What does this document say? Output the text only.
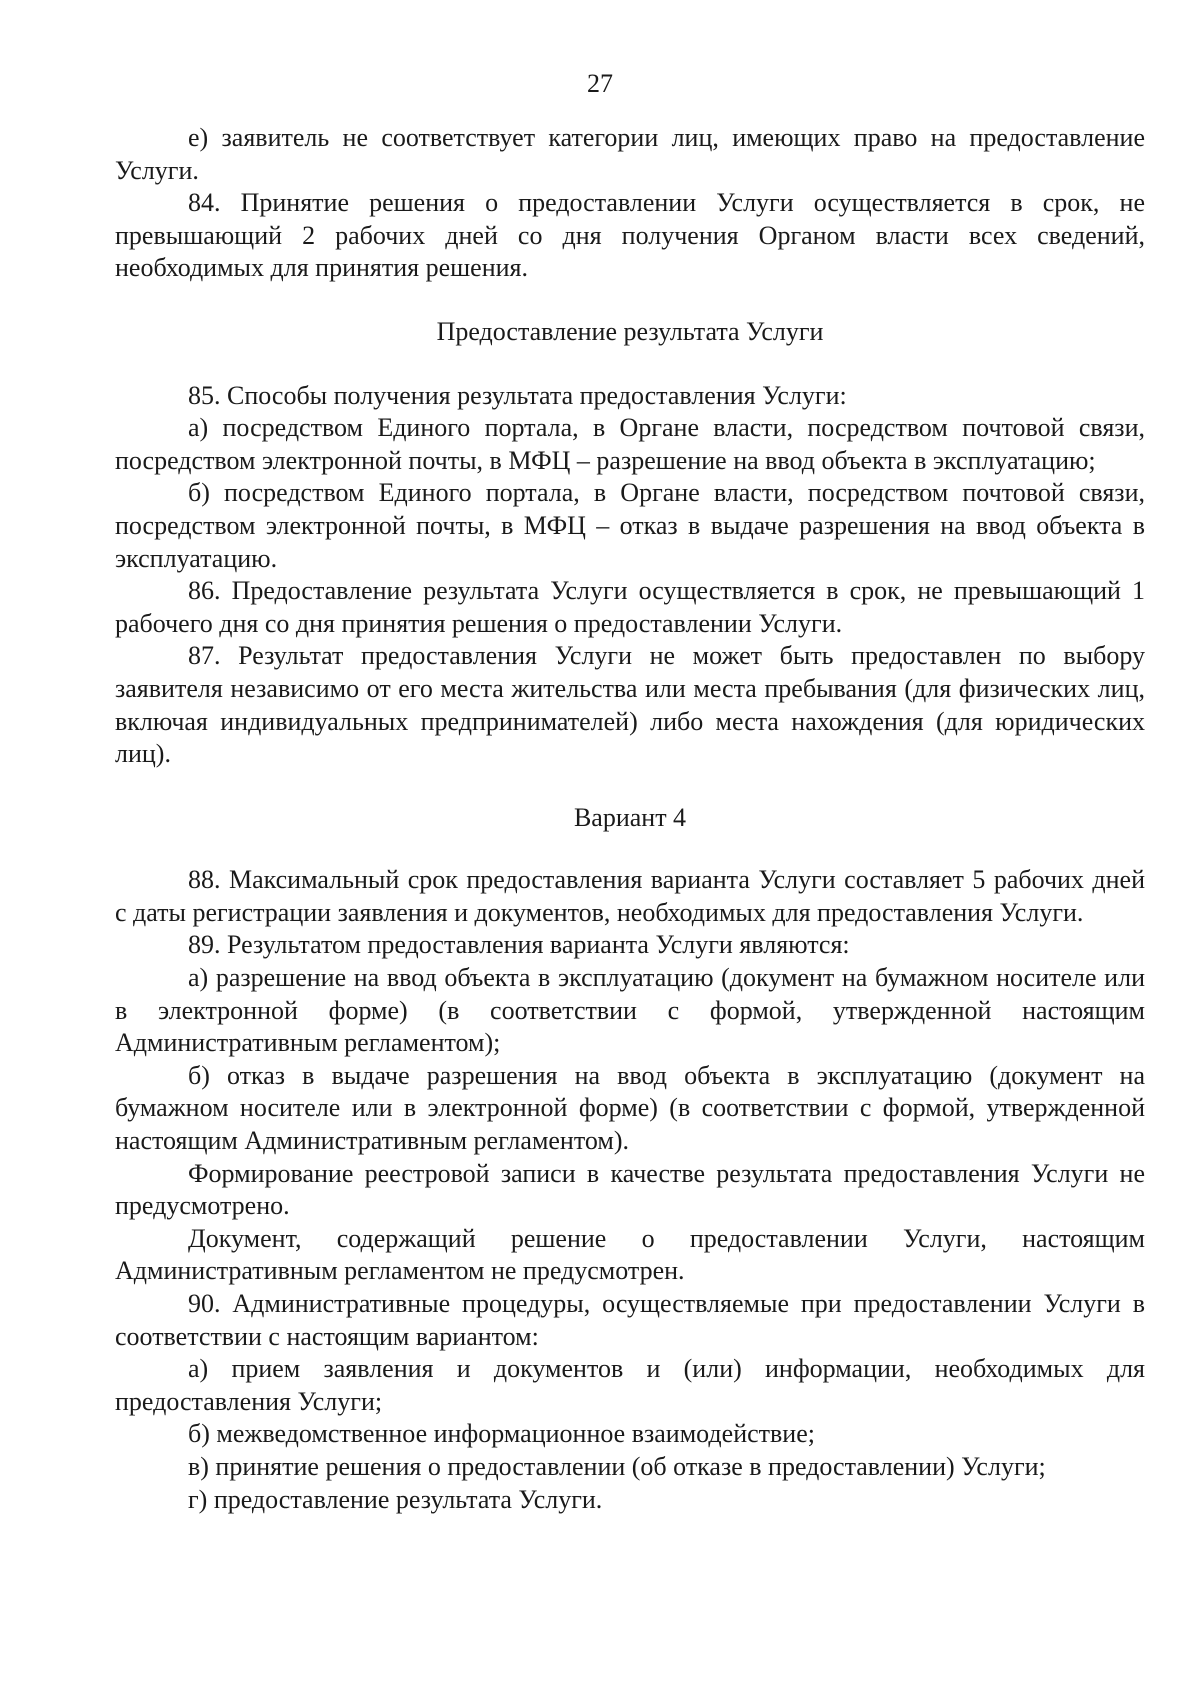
27

е) заявитель не соответствует категории лиц, имеющих право на предоставление Услуги.

84. Принятие решения о предоставлении Услуги осуществляется в срок, не превышающий 2 рабочих дней со дня получения Органом власти всех сведений, необходимых для принятия решения.

Предоставление результата Услуги

85. Способы получения результата предоставления Услуги:

а) посредством Единого портала, в Органе власти, посредством почтовой связи, посредством электронной почты, в МФЦ – разрешение на ввод объекта в эксплуатацию;

б) посредством Единого портала, в Органе власти, посредством почтовой связи, посредством электронной почты, в МФЦ – отказ в выдаче разрешения на ввод объекта в эксплуатацию.

86. Предоставление результата Услуги осуществляется в срок, не превышающий 1 рабочего дня со дня принятия решения о предоставлении Услуги.

87. Результат предоставления Услуги не может быть предоставлен по выбору заявителя независимо от его места жительства или места пребывания (для физических лиц, включая индивидуальных предпринимателей) либо места нахождения (для юридических лиц).

Вариант 4

88. Максимальный срок предоставления варианта Услуги составляет 5 рабочих дней с даты регистрации заявления и документов, необходимых для предоставления Услуги.

89. Результатом предоставления варианта Услуги являются:

а) разрешение на ввод объекта в эксплуатацию (документ на бумажном носителе или в электронной форме) (в соответствии с формой, утвержденной настоящим Административным регламентом);

б) отказ в выдаче разрешения на ввод объекта в эксплуатацию (документ на бумажном носителе или в электронной форме) (в соответствии с формой, утвержденной настоящим Административным регламентом).

Формирование реестровой записи в качестве результата предоставления Услуги не предусмотрено.

Документ, содержащий решение о предоставлении Услуги, настоящим Административным регламентом не предусмотрен.

90. Административные процедуры, осуществляемые при предоставлении Услуги в соответствии с настоящим вариантом:

а) прием заявления и документов и (или) информации, необходимых для предоставления Услуги;

б) межведомственное информационное взаимодействие;

в) принятие решения о предоставлении (об отказе в предоставлении) Услуги;

г) предоставление результата Услуги.
